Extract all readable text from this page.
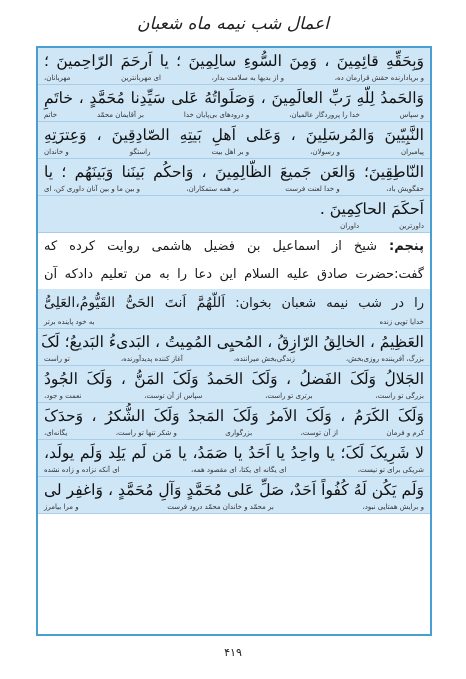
اعمال شب نیمه ماه شعبان
وَبِحَقِّهِ قائِمِینَ ، وَمِنَ السُّوءِ سالِمِینَ ؛ یا اَرحَمَ الرّاحِمینَ ؛
و برپادارنده حقش قرارمان ده،
و از بدیها به سلامت بدار،
ای مهربانترین
مهربانان،
وَالحَمدُ لِلّهِ رَبِّ العالَمِینَ ، وَصَلَواتُهُ عَلی سَیِّدِنا مُحَمَّدٍ ، خاتَمِ
و سپاس
خدا را پروردگار عالمیان،
و درودهای بی‌پایان خدا
بر آقایمان محمّد
خاتم
النَّبِیّینَ وَالمُرسَلِینَ ، وَعَلی اَهلِ بَیتِهِ الصّادِقِینَ ، وَعِترَتِهِ
پیامبران
و رسولان،
و بر اهل بیت
راستگو
و خاندان
النّاطِقِینَ؛ وَالعَن جَمیعَ الظّالِمِینَ ، وَاحکُم بَینَنا وَبَینَهُم ؛ یا
حقگویش باد،
و خدا لعنت فرست
بر همه ستمکاران،
و بین ما و بین آنان داوری کن، ای
اَحکَمَ الحاکِمِینَ .
داورترین
داوران
پنجم: شیخ از اسماعیل بن فضیل هاشمی روایت کرده که
گفت:حضرت صادق علیه السلام این دعا را به من تعلیم دادکه آن
را در شب نیمه شعبان بخوان: اَللّهُمَّ اَنتَ الحَیُّ القَیُّومُ،العَلِیُّ
خدایا تویی زنده
به خود پاینده برتر
العَظِیمُ ، الخالِقُ الرّازِقُ ، المُحیِی المُمِیتُ ، البَدیءُ البَدیعُ؛ لَکَ
بزرگ، آفریننده روزی‌بخش،
زندگی‌بخش میراننده،
آغاز کننده پدیدآورنده،
تو راست
الجَلالُ وَلَکَ الفَضلُ ، وَلَکَ الحَمدُ وَلَکَ المَنُّ ، وَلَکَ الجُودُ
بزرگی تو راست،
برتری تو راست،
سپاس از آن توست،
نعمت و جود،
وَلَکَ الکَرَمُ ، وَلَکَ الاَمرُ وَلَکَ المَجدُ وَلَکَ الشُّکرُ ، وَحدَکَ
کرم و فرمان
از آن توست،
بزرگواری
و شکر تنها تو راست،
یگانه‌ای،
لا شَرِیکَ لَکَ؛ یا واحِدُ یا اَحَدُ یا صَمَدُ، یا مَن لَم یَلِد وَلَم یولَد،
شریکی برای تو نیست،
ای یگانه ای یکتا، ای مقصود همه،
ای آنکه نزاده و زاده نشده
وَلَم یَکُن لَهُ کُفُواً اَحَدٌ، صَلِّ عَلی مُحَمَّدٍ وَآلِ مُحَمَّدٍ ، وَاغفِر لی
و برایش همتایی نبود،
بر محمّد و خاندان محمّد درود فرست
و مرا بیامرز
۴۱۹
